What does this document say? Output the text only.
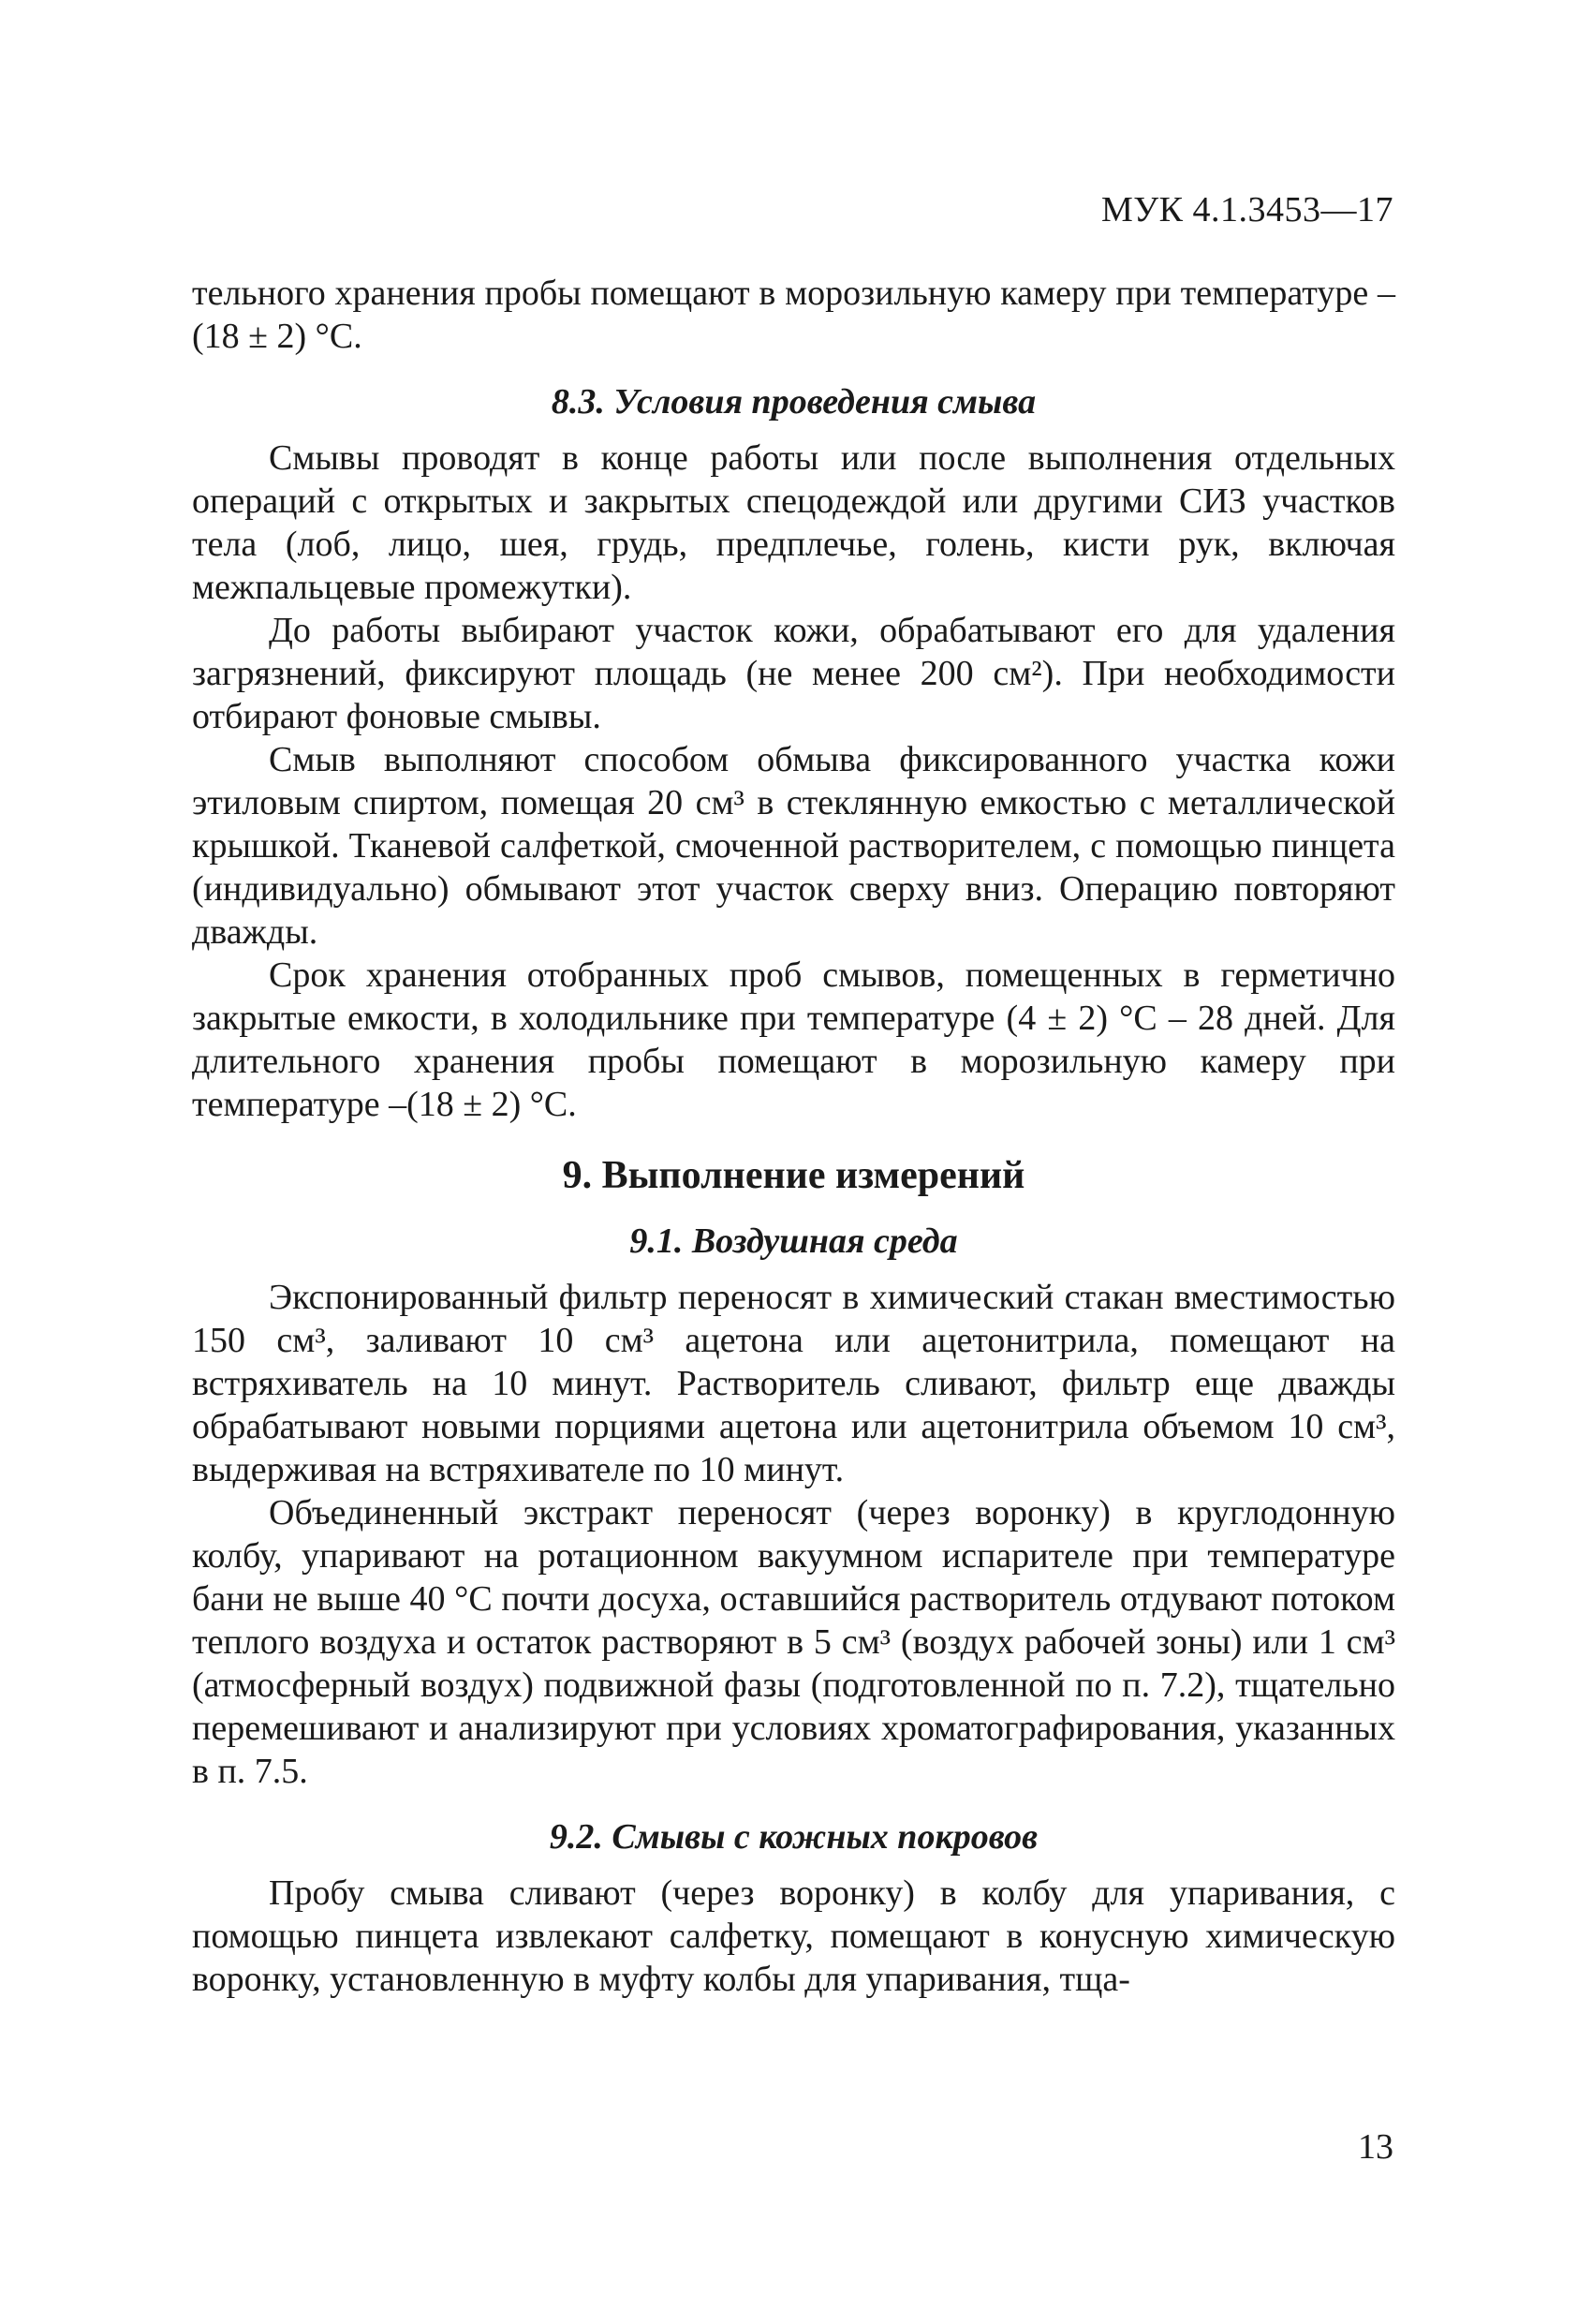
МУК 4.1.3453—17

тельного хранения пробы помещают в морозильную камеру при температуре –(18 ± 2) °С.

8.3. Условия проведения смыва

Смывы проводят в конце работы или после выполнения отдельных операций с открытых и закрытых спецодеждой или другими СИЗ участков тела (лоб, лицо, шея, грудь, предплечье, голень, кисти рук, включая межпальцевые промежутки).

До работы выбирают участок кожи, обрабатывают его для удаления загрязнений, фиксируют площадь (не менее 200 см²). При необходимости отбирают фоновые смывы.

Смыв выполняют способом обмыва фиксированного участка кожи этиловым спиртом, помещая 20 см³ в стеклянную емкостью с металлической крышкой. Тканевой салфеткой, смоченной растворителем, с помощью пинцета (индивидуально) обмывают этот участок сверху вниз. Операцию повторяют дважды.

Срок хранения отобранных проб смывов, помещенных в герметично закрытые емкости, в холодильнике при температуре (4 ± 2) °С – 28 дней. Для длительного хранения пробы помещают в морозильную камеру при температуре –(18 ± 2) °С.

9. Выполнение измерений
9.1. Воздушная среда

Экспонированный фильтр переносят в химический стакан вместимостью 150 см³, заливают 10 см³ ацетона или ацетонитрила, помещают на встряхиватель на 10 минут. Растворитель сливают, фильтр еще дважды обрабатывают новыми порциями ацетона или ацетонитрила объемом 10 см³, выдерживая на встряхивателе по 10 минут.

Объединенный экстракт переносят (через воронку) в круглодонную колбу, упаривают на ротационном вакуумном испарителе при температуре бани не выше 40 °С почти досуха, оставшийся растворитель отдувают потоком теплого воздуха и остаток растворяют в 5 см³ (воздух рабочей зоны) или 1 см³ (атмосферный воздух) подвижной фазы (подготовленной по п. 7.2), тщательно перемешивают и анализируют при условиях хроматографирования, указанных в п. 7.5.

9.2. Смывы с кожных покровов

Пробу смыва сливают (через воронку) в колбу для упаривания, с помощью пинцета извлекают салфетку, помещают в конусную химическую воронку, установленную в муфту колбы для упаривания, тща-

13
